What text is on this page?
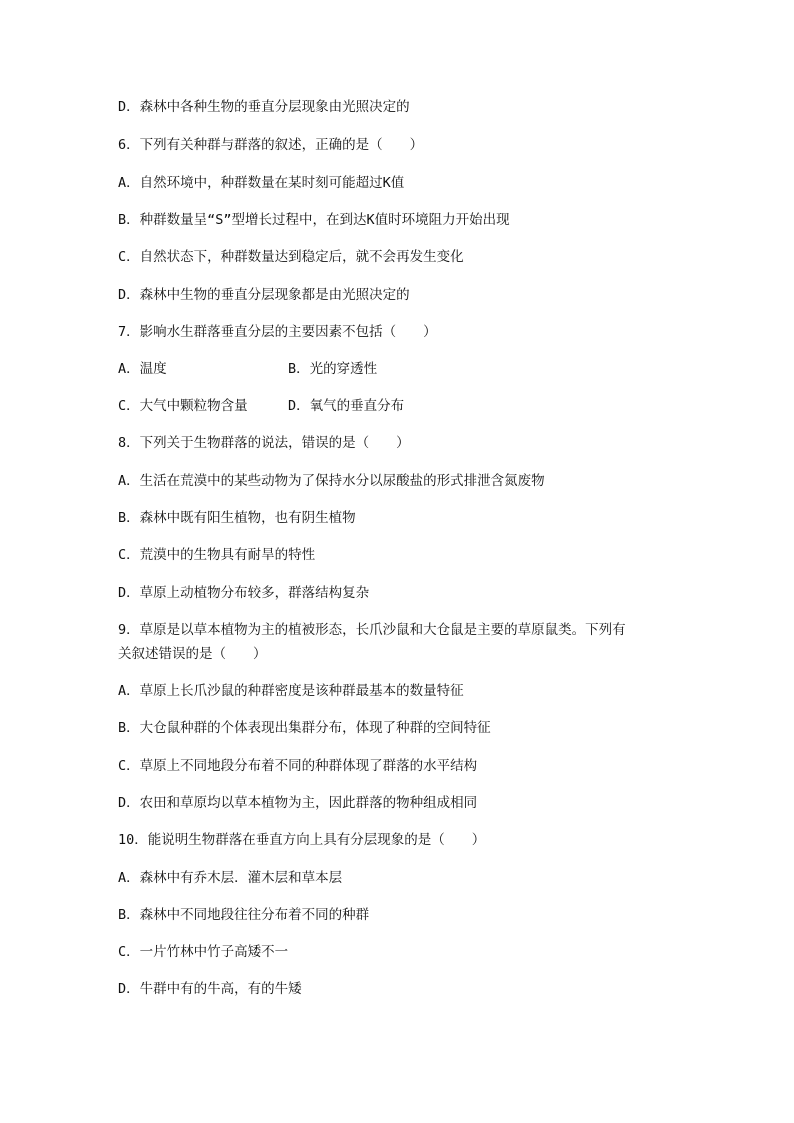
D．森林中各种生物的垂直分层现象由光照决定的
6．下列有关种群与群落的叙述，正确的是（　　）
A．自然环境中，种群数量在某时刻可能超过K值
B．种群数量呈“S”型增长过程中，在到达K值时环境阻力开始出现
C．自然状态下，种群数量达到稳定后，就不会再发生变化
D．森林中生物的垂直分层现象都是由光照决定的
7．影响水生群落垂直分层的主要因素不包括（　　）
A．温度	B．光的穿透性
C．大气中颗粒物含量	D．氧气的垂直分布
8．下列关于生物群落的说法，错误的是（　　）
A．生活在荒漠中的某些动物为了保持水分以尿酸盐的形式排泄含氮废物
B．森林中既有阳生植物，也有阴生植物
C．荒漠中的生物具有耐旱的特性
D．草原上动植物分布较多，群落结构复杂
9．草原是以草本植物为主的植被形态，长爪沙鼠和大仓鼠是主要的草原鼠类。下列有
关叙述错误的是（　　）
A．草原上长爪沙鼠的种群密度是该种群最基本的数量特征
B．大仓鼠种群的个体表现出集群分布，体现了种群的空间特征
C．草原上不同地段分布着不同的种群体现了群落的水平结构
D．农田和草原均以草本植物为主，因此群落的物种组成相同
10．能说明生物群落在垂直方向上具有分层现象的是（　　）
A．森林中有乔木层．灌木层和草本层
B．森林中不同地段往往分布着不同的种群
C．一片竹林中竹子高矮不一
D．牛群中有的牛高，有的牛矮
